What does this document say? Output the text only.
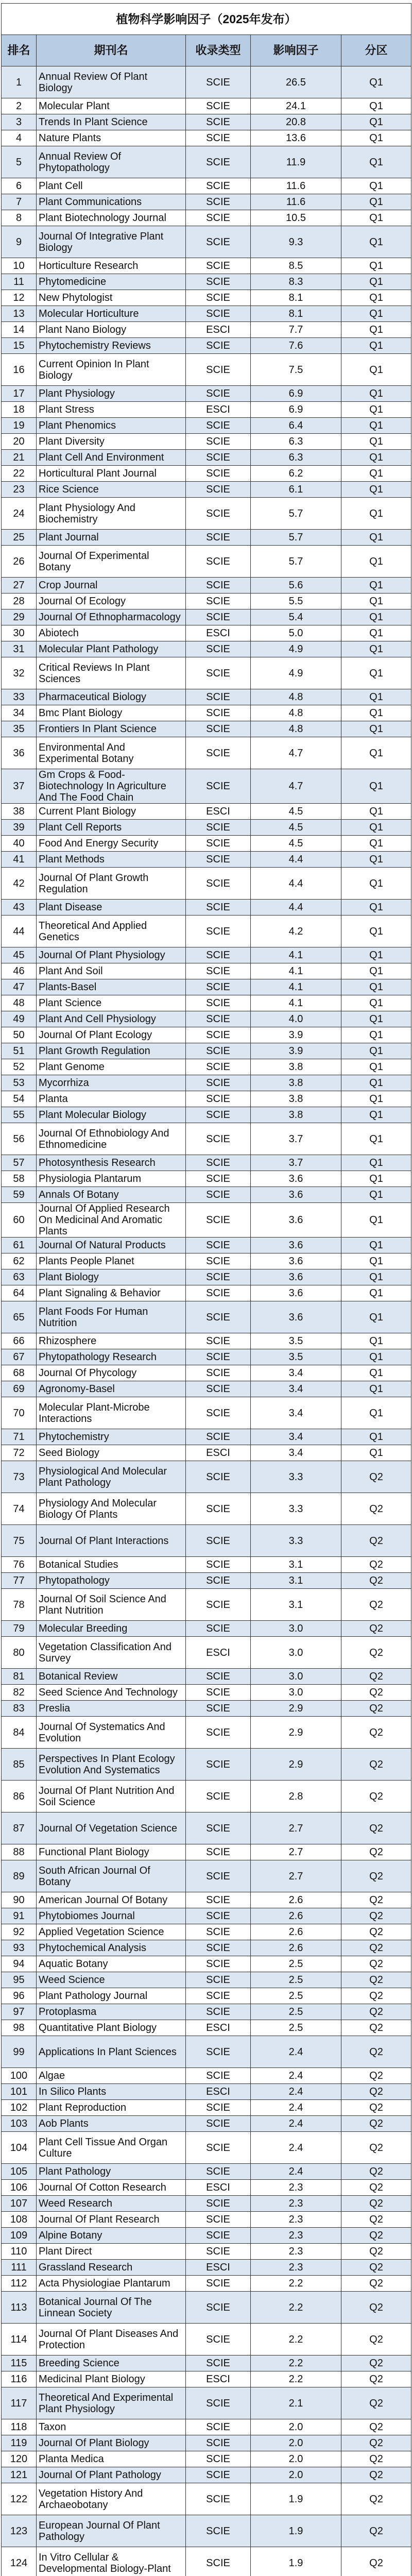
植物科学影响因子（2025年发布）				
排名	期刊名	收录类型	影响因子	分区
1	Annual Review Of Plant Biology	SCIE	26.5	Q1
2	Molecular Plant	SCIE	24.1	Q1
3	Trends In Plant Science	SCIE	20.8	Q1
4	Nature Plants	SCIE	13.6	Q1
5	Annual Review Of Phytopathology	SCIE	11.9	Q1
6	Plant Cell	SCIE	11.6	Q1
7	Plant Communications	SCIE	11.6	Q1
8	Plant Biotechnology Journal	SCIE	10.5	Q1
9	Journal Of Integrative Plant Biology	SCIE	9.3	Q1
10	Horticulture Research	SCIE	8.5	Q1
11	Phytomedicine	SCIE	8.3	Q1
12	New Phytologist	SCIE	8.1	Q1
13	Molecular Horticulture	SCIE	8.1	Q1
14	Plant Nano Biology	ESCI	7.7	Q1
15	Phytochemistry Reviews	SCIE	7.6	Q1
16	Current Opinion In Plant Biology	SCIE	7.5	Q1
17	Plant Physiology	SCIE	6.9	Q1
18	Plant Stress	ESCI	6.9	Q1
19	Plant Phenomics	SCIE	6.4	Q1
20	Plant Diversity	SCIE	6.3	Q1
21	Plant Cell And Environment	SCIE	6.3	Q1
22	Horticultural Plant Journal	SCIE	6.2	Q1
23	Rice Science	SCIE	6.1	Q1
24	Plant Physiology And Biochemistry	SCIE	5.7	Q1
25	Plant Journal	SCIE	5.7	Q1
26	Journal Of Experimental Botany	SCIE	5.7	Q1
27	Crop Journal	SCIE	5.6	Q1
28	Journal Of Ecology	SCIE	5.5	Q1
29	Journal Of Ethnopharmacology	SCIE	5.4	Q1
30	Abiotech	ESCI	5.0	Q1
31	Molecular Plant Pathology	SCIE	4.9	Q1
32	Critical Reviews In Plant Sciences	SCIE	4.9	Q1
33	Pharmaceutical Biology	SCIE	4.8	Q1
34	Bmc Plant Biology	SCIE	4.8	Q1
35	Frontiers In Plant Science	SCIE	4.8	Q1
36	Environmental And Experimental Botany	SCIE	4.7	Q1
37	Gm Crops & Food-Biotechnology In Agriculture And The Food Chain	SCIE	4.7	Q1
38	Current Plant Biology	ESCI	4.5	Q1
39	Plant Cell Reports	SCIE	4.5	Q1
40	Food And Energy Security	SCIE	4.5	Q1
41	Plant Methods	SCIE	4.4	Q1
42	Journal Of Plant Growth Regulation	SCIE	4.4	Q1
43	Plant Disease	SCIE	4.4	Q1
44	Theoretical And Applied Genetics	SCIE	4.2	Q1
45	Journal Of Plant Physiology	SCIE	4.1	Q1
46	Plant And Soil	SCIE	4.1	Q1
47	Plants-Basel	SCIE	4.1	Q1
48	Plant Science	SCIE	4.1	Q1
49	Plant And Cell Physiology	SCIE	4.0	Q1
50	Journal Of Plant Ecology	SCIE	3.9	Q1
51	Plant Growth Regulation	SCIE	3.9	Q1
52	Plant Genome	SCIE	3.8	Q1
53	Mycorrhiza	SCIE	3.8	Q1
54	Planta	SCIE	3.8	Q1
55	Plant Molecular Biology	SCIE	3.8	Q1
56	Journal Of Ethnobiology And Ethnomedicine	SCIE	3.7	Q1
57	Photosynthesis Research	SCIE	3.7	Q1
58	Physiologia Plantarum	SCIE	3.6	Q1
59	Annals Of Botany	SCIE	3.6	Q1
60	Journal Of Applied Research On Medicinal And Aromatic Plants	SCIE	3.6	Q1
61	Journal Of Natural Products	SCIE	3.6	Q1
62	Plants People Planet	SCIE	3.6	Q1
63	Plant Biology	SCIE	3.6	Q1
64	Plant Signaling & Behavior	SCIE	3.6	Q1
65	Plant Foods For Human Nutrition	SCIE	3.6	Q1
66	Rhizosphere	SCIE	3.5	Q1
67	Phytopathology Research	SCIE	3.5	Q1
68	Journal Of Phycology	SCIE	3.4	Q1
69	Agronomy-Basel	SCIE	3.4	Q1
70	Molecular Plant-Microbe Interactions	SCIE	3.4	Q1
71	Phytochemistry	SCIE	3.4	Q1
72	Seed Biology	ESCI	3.4	Q1
73	Physiological And Molecular Plant Pathology	SCIE	3.3	Q2
74	Physiology And Molecular Biology Of Plants	SCIE	3.3	Q2
75	Journal Of Plant Interactions	SCIE	3.3	Q2
76	Botanical Studies	SCIE	3.1	Q2
77	Phytopathology	SCIE	3.1	Q2
78	Journal Of Soil Science And Plant Nutrition	SCIE	3.1	Q2
79	Molecular Breeding	SCIE	3.0	Q2
80	Vegetation Classification And Survey	ESCI	3.0	Q2
81	Botanical Review	SCIE	3.0	Q2
82	Seed Science And Technology	SCIE	3.0	Q2
83	Preslia	SCIE	2.9	Q2
84	Journal Of Systematics And Evolution	SCIE	2.9	Q2
85	Perspectives In Plant Ecology Evolution And Systematics	SCIE	2.9	Q2
86	Journal Of Plant Nutrition And Soil Science	SCIE	2.8	Q2
87	Journal Of Vegetation Science	SCIE	2.7	Q2
88	Functional Plant Biology	SCIE	2.7	Q2
89	South African Journal Of Botany	SCIE	2.7	Q2
90	American Journal Of Botany	SCIE	2.6	Q2
91	Phytobiomes Journal	SCIE	2.6	Q2
92	Applied Vegetation Science	SCIE	2.6	Q2
93	Phytochemical Analysis	SCIE	2.6	Q2
94	Aquatic Botany	SCIE	2.5	Q2
95	Weed Science	SCIE	2.5	Q2
96	Plant Pathology Journal	SCIE	2.5	Q2
97	Protoplasma	SCIE	2.5	Q2
98	Quantitative Plant Biology	ESCI	2.5	Q2
99	Applications In Plant Sciences	SCIE	2.4	Q2
100	Algae	SCIE	2.4	Q2
101	In Silico Plants	ESCI	2.4	Q2
102	Plant Reproduction	SCIE	2.4	Q2
103	Aob Plants	SCIE	2.4	Q2
104	Plant Cell Tissue And Organ Culture	SCIE	2.4	Q2
105	Plant Pathology	SCIE	2.4	Q2
106	Journal Of Cotton Research	ESCI	2.3	Q2
107	Weed Research	SCIE	2.3	Q2
108	Journal Of Plant Research	SCIE	2.3	Q2
109	Alpine Botany	SCIE	2.3	Q2
110	Plant Direct	SCIE	2.3	Q2
111	Grassland Research	ESCI	2.3	Q2
112	Acta Physiologiae Plantarum	SCIE	2.2	Q2
113	Botanical Journal Of The Linnean Society	SCIE	2.2	Q2
114	Journal Of Plant Diseases And Protection	SCIE	2.2	Q2
115	Breeding Science	SCIE	2.2	Q2
116	Medicinal Plant Biology	ESCI	2.2	Q2
117	Theoretical And Experimental Plant Physiology	SCIE	2.1	Q2
118	Taxon	SCIE	2.0	Q2
119	Journal Of Plant Biology	SCIE	2.0	Q2
120	Planta Medica	SCIE	2.0	Q2
121	Journal Of Plant Pathology	SCIE	2.0	Q2
122	Vegetation History And Archaeobotany	SCIE	1.9	Q2
123	European Journal Of Plant Pathology	SCIE	1.9	Q2
124	In Vitro Cellular & Developmental Biology-Plant	SCIE	1.9	Q2
